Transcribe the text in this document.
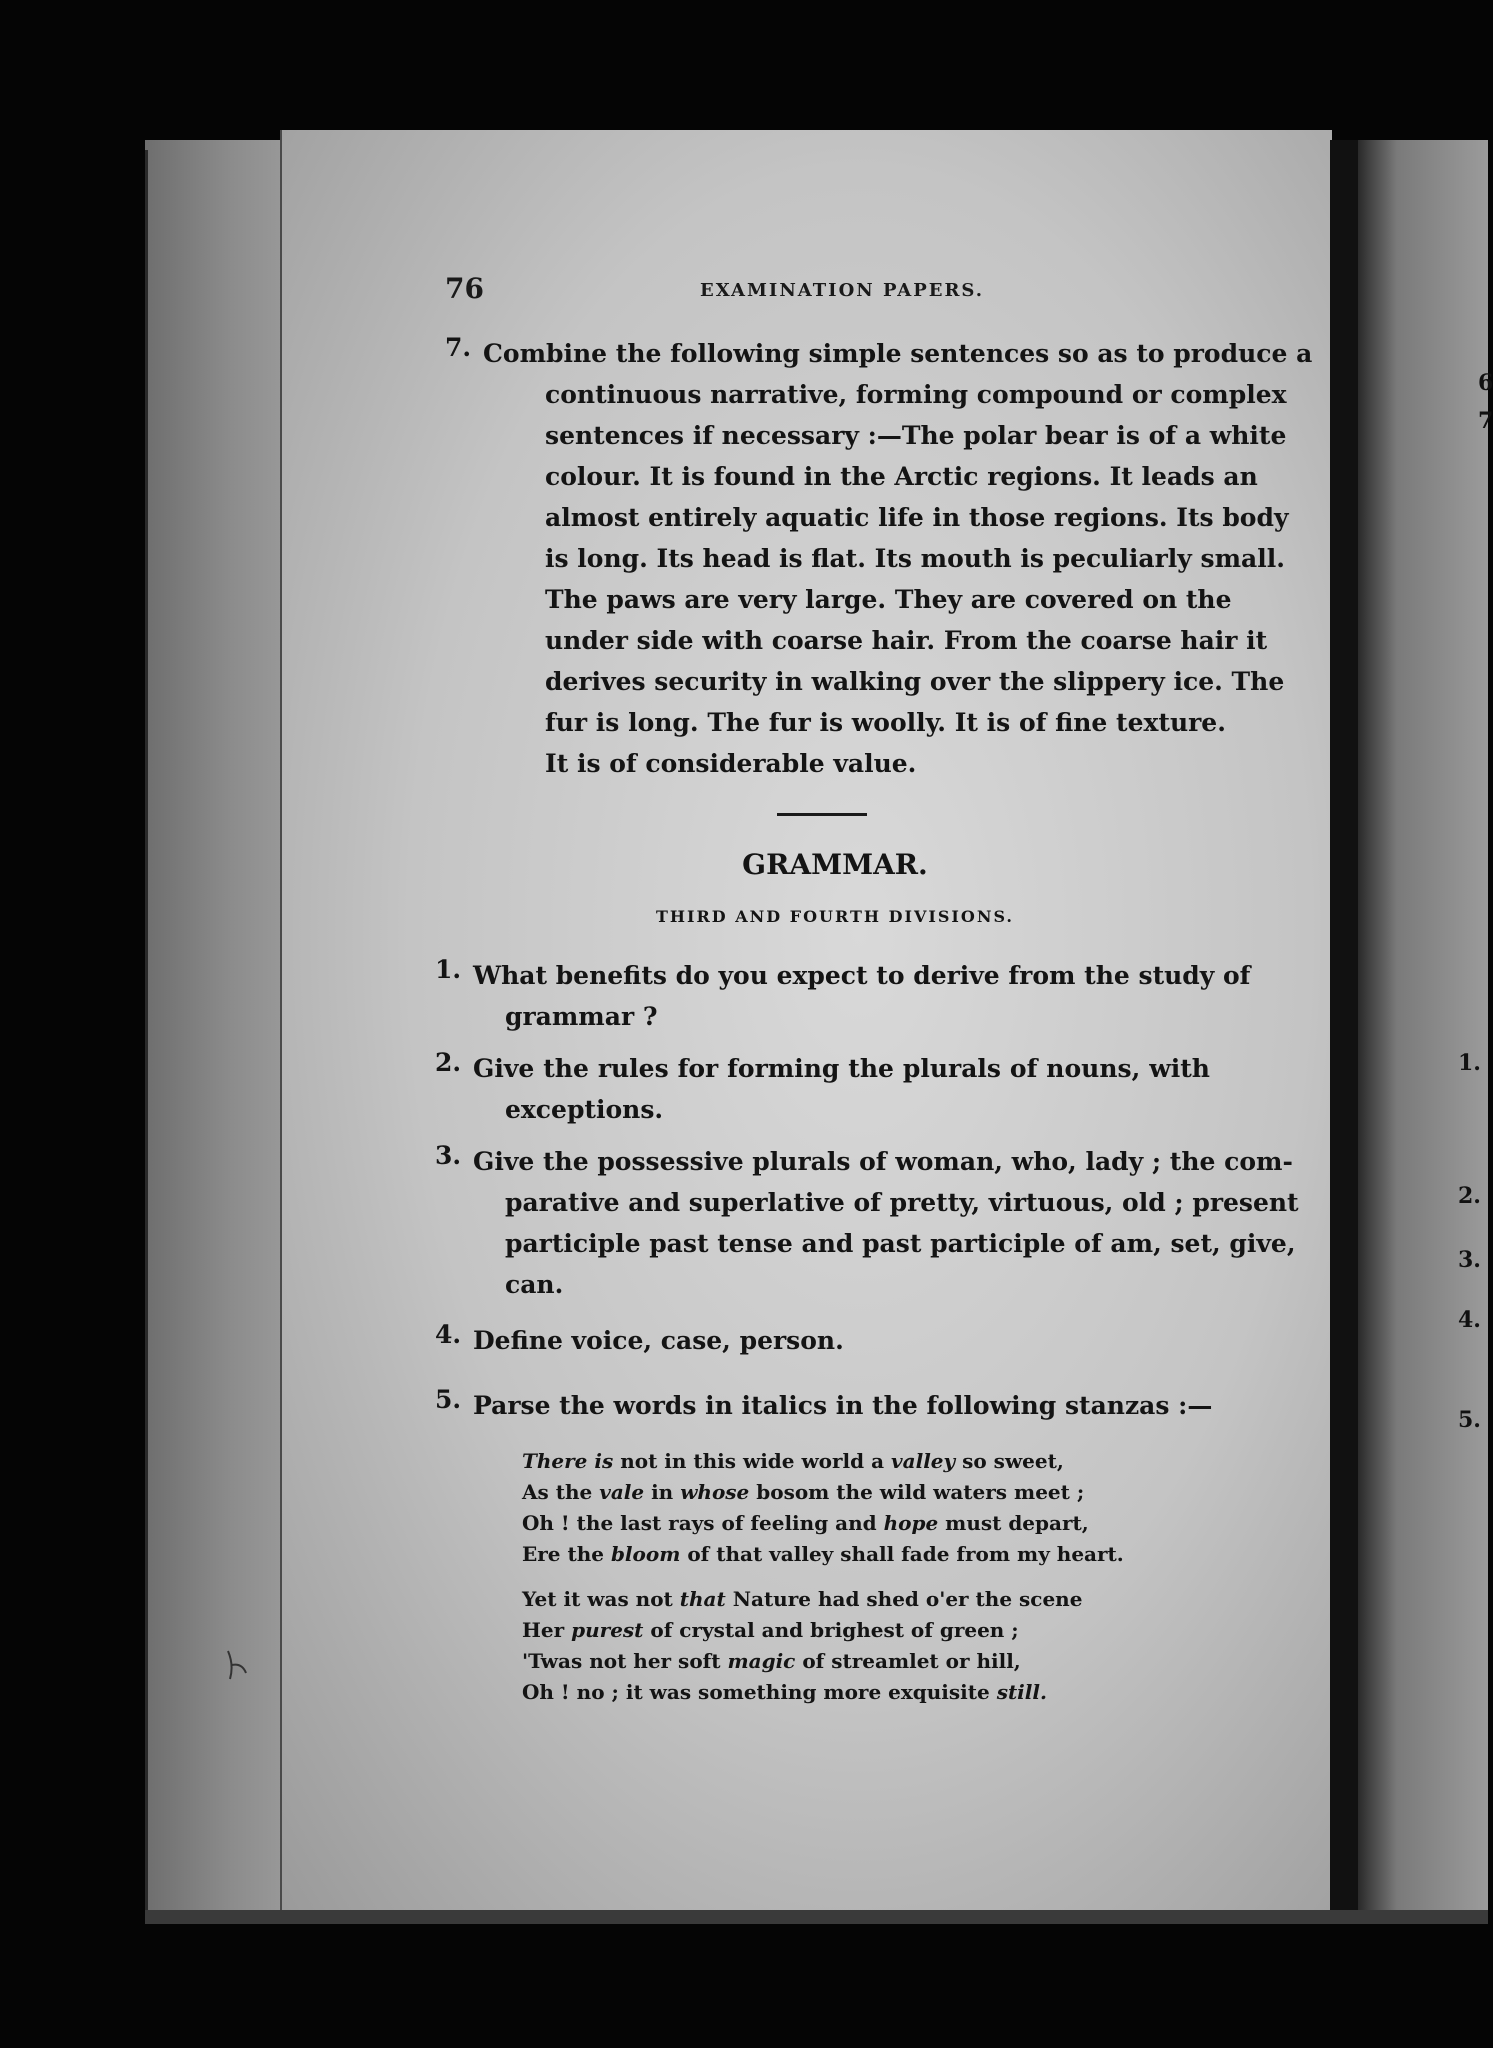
76	EXAMINATION PAPERS.
7. Combine the following simple sentences so as to produce a
continuous narrative, forming compound or complex
sentences if necessary :—The polar bear is of a white
colour. It is found in the Arctic regions. It leads an
almost entirely aquatic life in those regions. Its body
is long. Its head is flat. Its mouth is peculiarly small.
The paws are very large. They are covered on the
under side with coarse hair. From the coarse hair it
derives security in walking over the slippery ice. The
fur is long. The fur is woolly. It is of fine texture.
It is of considerable value.
GRAMMAR.
THIRD AND FOURTH DIVISIONS.
1. What benefits do you expect to derive from the study of
grammar ?
2. Give the rules for forming the plurals of nouns, with
exceptions.
3. Give the possessive plurals of woman, who, lady ; the com-
parative and superlative of pretty, virtuous, old ; present
participle past tense and past participle of am, set, give,
can.
4. Define voice, case, person.
5. Parse the words in italics in the following stanzas :—
There is not in this wide world a valley so sweet,
As the vale in whose bosom the wild waters meet ;
Oh ! the last rays of feeling and hope must depart,
Ere the bloom of that valley shall fade from my heart.
Yet it was not that Nature had shed o'er the scene
Her purest of crystal and brighest of green ;
'Twas not her soft magic of streamlet or hill,
Oh ! no ; it was something more exquisite still.
6
7
1.
2.
3.
4.
5.
